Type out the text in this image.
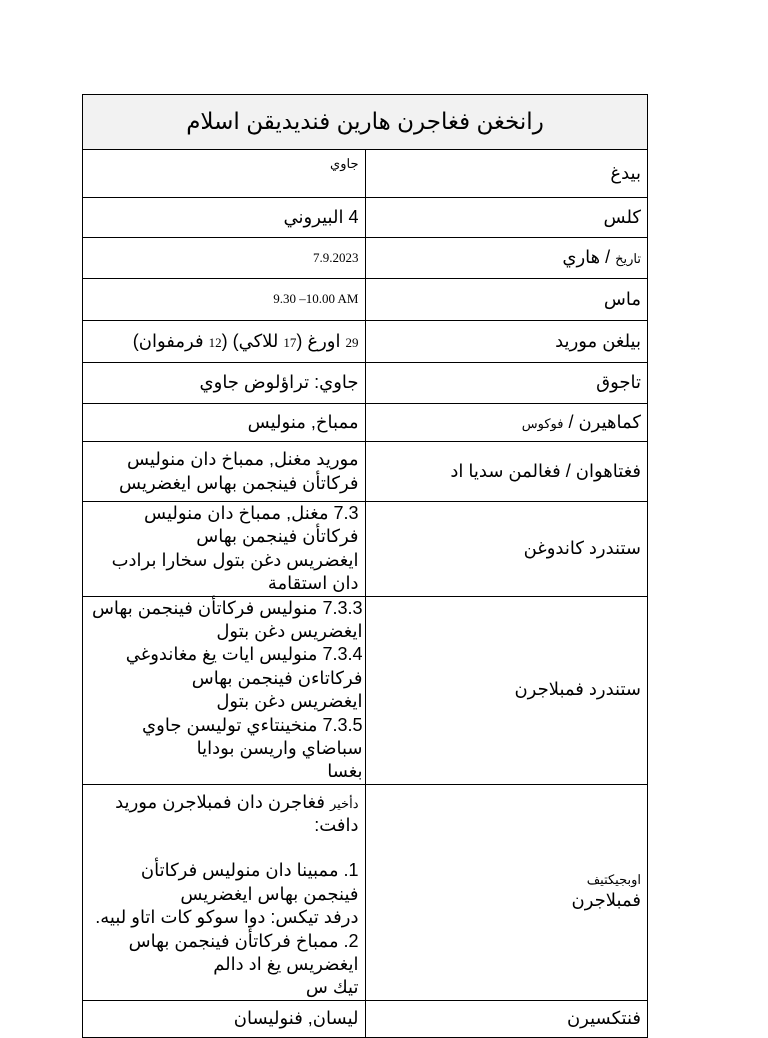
رانخغن فغاجرن هارين فنديديقن اسلام	
بيدغ	جاوي
كلس	4 البيروني
تاريخ / هاري	7.9.2023
ماس	9.30 –10.00 AM
بيلغن موريد	29 اورغ (17 للاكي) (12 فرمفوان)
تاجوق	جاوي: تراؤلوض جاوي
كماهيرن / فوكوس	ممباخ, منوليس
فغتاهوان / فغالمن سديا اد	موريد مغنل, ممباخ دان منوليس فركاتأن فينجمن بهاس ايغضريس
ستندرد كاندوغن	7.3 مغنل, ممباخ دان منوليس فركاتأن فينجمن بهاس
ايغضريس دغن بتول سخارا برادب دان استقامة

ستندرد فمبلاجرن	7.3.3 منوليس فركاتأن فينجمن بهاس ايغضريس دغن بتول
7.3.4 منوليس ايات يغ مغاندوغي فركاتاءن فينجمن بهاس
ايغضريس دغن بتول
7.3.5 منخينتاءي توليسن جاوي سباضاي واريسن بودايا
بغسا

اوبجيكتيف
فمبلاجرن	دأخير فغاجرن دان فمبلاجرن موريد دافت:
1. ممبينا دان منوليس فركاتأن فينجمن بهاس ايغضريس
درفد تيكس: دوا سوكو كات اتاو لبيه.
2. ممباخ فركاتأن فينجمن بهاس ايغضريس يغ اد دالم
تيك س

فنتكسيرن	ليسان, فنوليسان
